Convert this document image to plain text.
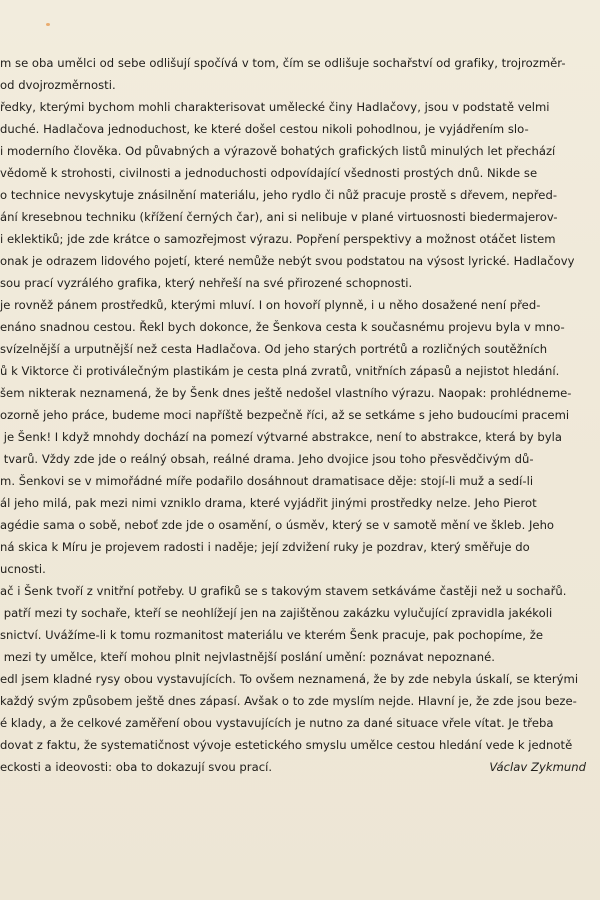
m se oba umělci od sebe odlišují spočívá v tom, čím se odlišuje sochařství od grafiky, trojrozměr-
od dvojrozměrnosti.
ředky, kterými bychom mohli charakterisovat umělecké činy Hadlačovy, jsou v podstatě velmi
duché. Hadlačova jednoduchost, ke které došel cestou nikoli pohodlnou, je vyjádřením slo-
i moderního člověka. Od půvabných a výrazově bohatých grafických listů minulých let přechází
vědomě k strohosti, civilnosti a jednoduchosti odpovídající všednosti prostých dnů. Nikde se
o technice nevyskytuje znásilnění materiálu, jeho rydlo či nůž pracuje prostě s dřevem, nepřed-
ání kresebnou techniku (křížení černých čar), ani si nelibuje v plané virtuosnosti biedermajerov-
i eklektiků; jde zde krátce o samozřejmost výrazu. Popření perspektivy a možnost otáčet listem
onak je odrazem lidového pojetí, které nemůže nebýt svou podstatou na výsost lyrické. Hadlačovy
sou prací vyzrálého grafika, který nehřeší na své přirozené schopnosti.
je rovněž pánem prostředků, kterými mluví. I on hovoří plynně, i u něho dosažené není před-
enáno snadnou cestou. Řekl bych dokonce, že Šenkova cesta k současnému projevu byla v mno-
svízelnější a urputnější než cesta Hadlačova. Od jeho starých portrétů a rozličných soutěžních
ů k Viktorce či protiválečným plastikám je cesta plná zvratů, vnitřních zápasů a nejistot hledání.
šem nikterak neznamená, že by Šenk dnes ještě nedošel vlastního výrazu. Naopak: prohlédneme-
ozorně jeho práce, budeme moci napříště bezpečně říci, až se setkáme s jeho budoucími pracemi
je Šenk! I když mnohdy dochází na pomezí výtvarné abstrakce, není to abstrakce, která by byla
tvarů. Vždy zde jde o reálný obsah, reálné drama. Jeho dvojice jsou toho přesvědčivým dů-
m. Šenkovi se v mimořádné míře podařilo dosáhnout dramatisace děje: stojí-li muž a sedí-li
ál jeho milá, pak mezi nimi vzniklo drama, které vyjádřit jinými prostředky nelze. Jeho Pierot
agédie sama o sobě, neboť zde jde o osamění, o úsměv, který se v samotě mění ve škleb. Jeho
ná skica k Míru je projevem radosti i naděje; její zdvižení ruky je pozdrav, který směřuje do
ucnosti.
ač i Šenk tvoří z vnitřní potřeby. U grafiků se s takovým stavem setkáváme častěji než u sochařů.
patří mezi ty sochaře, kteří se neohlížejí jen na zajištěnou zakázku vylučující zpravidla jakékoli
snictví. Uvážíme-li k tomu rozmanitost materiálu ve kterém Šenk pracuje, pak pochopíme, že
mezi ty umělce, kteří mohou plnit nejvlastnější poslání umění: poznávat nepoznané.
edl jsem kladné rysy obou vystavujících. To ovšem neznamená, že by zde nebyla úskalí, se kterými
každý svým způsobem ještě dnes zápasí. Avšak o to zde myslím nejde. Hlavní je, že zde jsou beze-
é klady, a že celkové zaměření obou vystavujících je nutno za dané situace vřele vítat. Je třeba
dovat z faktu, že systematičnost vývoje estetického smyslu umělce cestou hledání vede k jednotě
eckosti a ideovosti: oba to dokazují svou prací.	Václav Zykmund
